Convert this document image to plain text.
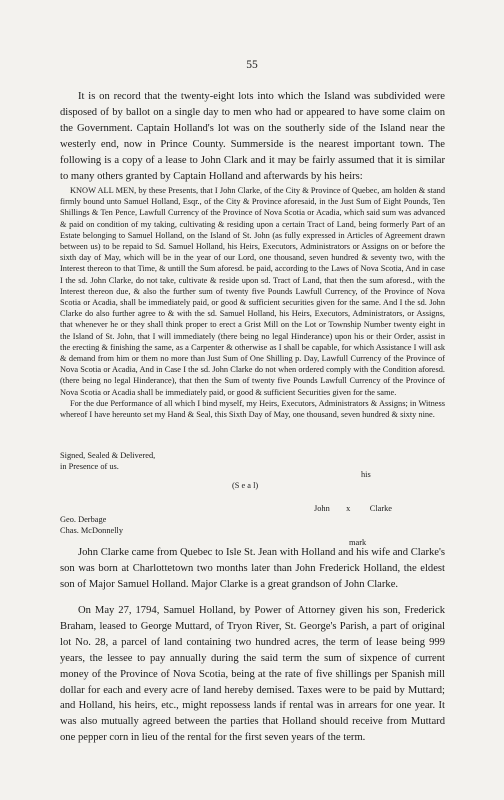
55

It is on record that the twenty-eight lots into which the Island was subdivided were disposed of by ballot on a single day to men who had or appeared to have some claim on the Government. Captain Holland's lot was on the southerly side of the Island near the westerly end, now in Prince County. Summerside is the nearest important town. The following is a copy of a lease to John Clark and it may be fairly assumed that it is similar to many others granted by Captain Holland and afterwards by his heirs:

KNOW ALL MEN, by these Presents, that I John Clarke, of the City & Province of Quebec, am holden & stand firmly bound unto Samuel Holland, Esqr., of the City & Province aforesaid, in the Just Sum of Eight Pounds, Ten Shillings & Ten Pence, Lawfull Currency of the Province of Nova Scotia or Acadia, which said sum was advanced & paid on condition of my taking, cultivating & residing upon a certain Tract of Land, being formerly Part of an Estate belonging to Samuel Holland, on the Island of St. John (as fully expressed in Articles of Agreement drawn between us) to be repaid to Sd. Samuel Holland, his Heirs, Executors, Administrators or Assigns on or before the sixth day of May, which will be in the year of our Lord, one thousand, seven hundred & seventy two, with the Interest thereon to that Time, & untill the Sum aforesd. be paid, according to the Laws of Nova Scotia, And in case I the sd. John Clarke, do not take, cultivate & reside upon sd. Tract of Land, that then the sum aforesd., with the Interest thereon due, & also the further sum of twenty five Pounds Lawfull Currency, of the Province of Nova Scotia or Acadia, shall be immediately paid, or good & sufficient securities given for the same. And I the sd. John Clarke do also further agree to & with the sd. Samuel Holland, his Heirs, Executors, Administrators, or Assigns, that whenever he or they shall think proper to erect a Grist Mill on the Lot or Township Number twenty eight in the Island of St. John, that I will immediately (there being no legal Hinderance) upon his or their Order, assist in the erecting & finishing the same, as a Carpenter & otherwise as I shall be capable, for which Assistance I will ask & demand from him or them no more than Just Sum of One Shilling p. Day, Lawfull Currency of the Province of Nova Scotia or Acadia, And in Case I the sd. John Clarke do not when ordered comply with the Condition aforesd. (there being no legal Hinderance), that then the Sum of twenty five Pounds Lawfull Currency of the Province of Nova Scotia or Acadia shall be immediately paid, or good & sufficient Securities given for the same.

For the due Performance of all which I bind myself, my Heirs, Executors, Administrators & Assigns; in Witness whereof I have hereunto set my Hand & Seal, this Sixth Day of May, one thousand, seven hundred & sixty nine.

Signed, Sealed & Delivered,
in Presence of us.

his

John x Clarke

mark

(S e a l)
Geo. Derbage
Chas. McDonnelly

John Clarke came from Quebec to Isle St. Jean with Holland and his wife and Clarke's son was born at Charlottetown two months later than John Frederick Holland, the eldest son of Major Samuel Holland. Major Clarke is a great grandson of John Clarke.

On May 27, 1794, Samuel Holland, by Power of Attorney given his son, Frederick Braham, leased to George Muttard, of Tryon River, St. George's Parish, a part of original lot No. 28, a parcel of land containing two hundred acres, the term of lease being 999 years, the lessee to pay annually during the said term the sum of sixpence of current money of the Province of Nova Scotia, being at the rate of five shillings per Spanish mill dollar for each and every acre of land hereby demised. Taxes were to be paid by Muttard; and Holland, his heirs, etc., might repossess lands if rental was in arrears for one year. It was also mutually agreed between the parties that Holland should receive from Muttard one pepper corn in lieu of the rental for the first seven years of the term.
